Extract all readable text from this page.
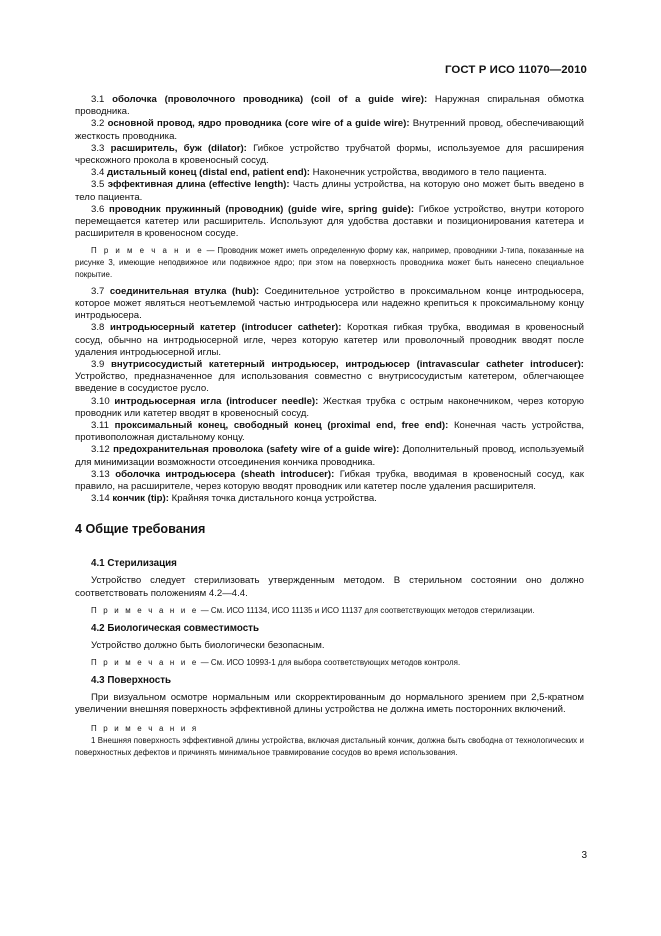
ГОСТ Р ИСО 11070—2010

3.1 оболочка (проволочного проводника) (coil of a guide wire): Наружная спиральная обмотка проводника.

3.2 основной провод, ядро проводника (core wire of a guide wire): Внутренний провод, обеспечивающий жесткость проводника.

3.3 расширитель, буж (dilator): Гибкое устройство трубчатой формы, используемое для расширения чрескожного прокола в кровеносный сосуд.

3.4 дистальный конец (distal end, patient end): Наконечник устройства, вводимого в тело пациента.

3.5 эффективная длина (effective length): Часть длины устройства, на которую оно может быть введено в тело пациента.

3.6 проводник пружинный (проводник) (guide wire, spring guide): Гибкое устройство, внутри которого перемещается катетер или расширитель. Используют для удобства доставки и позиционирования катетера и расширителя в кровеносном сосуде.

П р и м е ч а н и е — Проводник может иметь определенную форму как, например, проводники J-типа, показанные на рисунке 3, имеющие неподвижное или подвижное ядро; при этом на поверхность проводника может быть нанесено специальное покрытие.

3.7 соединительная втулка (hub): Соединительное устройство в проксимальном конце интродьюсера, которое может являться неотъемлемой частью интродьюсера или надежно крепиться к проксимальному концу интродьюсера.

3.8 интродьюсерный катетер (introducer catheter): Короткая гибкая трубка, вводимая в кровеносный сосуд, обычно на интродьюсерной игле, через которую катетер или проволочный проводник вводят после удаления интродьюсерной иглы.

3.9 внутрисосудистый катетерный интродьюсер, интродьюсер (intravascular catheter introducer): Устройство, предназначенное для использования совместно с внутрисосудистым катетером, облегчающее введение в сосудистое русло.

3.10 интродьюсерная игла (introducer needle): Жесткая трубка с острым наконечником, через которую проводник или катетер вводят в кровеносный сосуд.

3.11 проксимальный конец, свободный конец (proximal end, free end): Конечная часть устройства, противоположная дистальному концу.

3.12 предохранительная проволока (safety wire of a guide wire): Дополнительный провод, используемый для минимизации возможности отсоединения кончика проводника.

3.13 оболочка интродьюсера (sheath introducer): Гибкая трубка, вводимая в кровеносный сосуд, как правило, на расширителе, через которую вводят проводник или катетер после удаления расширителя.

3.14 кончик (tip): Крайняя точка дистального конца устройства.

4 Общие требования
4.1 Стерилизация

Устройство следует стерилизовать утвержденным методом. В стерильном состоянии оно должно соответствовать положениям 4.2—4.4.

П р и м е ч а н и е — См. ИСО 11134, ИСО 11135 и ИСО 11137 для соответствующих методов стерилизации.

4.2 Биологическая совместимость

Устройство должно быть биологически безопасным.

П р и м е ч а н и е — См. ИСО 10993-1 для выбора соответствующих методов контроля.

4.3 Поверхность

При визуальном осмотре нормальным или скорректированным до нормального зрением при 2,5-кратном увеличении внешняя поверхность эффективной длины устройства не должна иметь посторонних включений.

П р и м е ч а н и я

1 Внешняя поверхность эффективной длины устройства, включая дистальный кончик, должна быть свободна от технологических и поверхностных дефектов и причинять минимальное травмирование сосудов во время использования.

3
